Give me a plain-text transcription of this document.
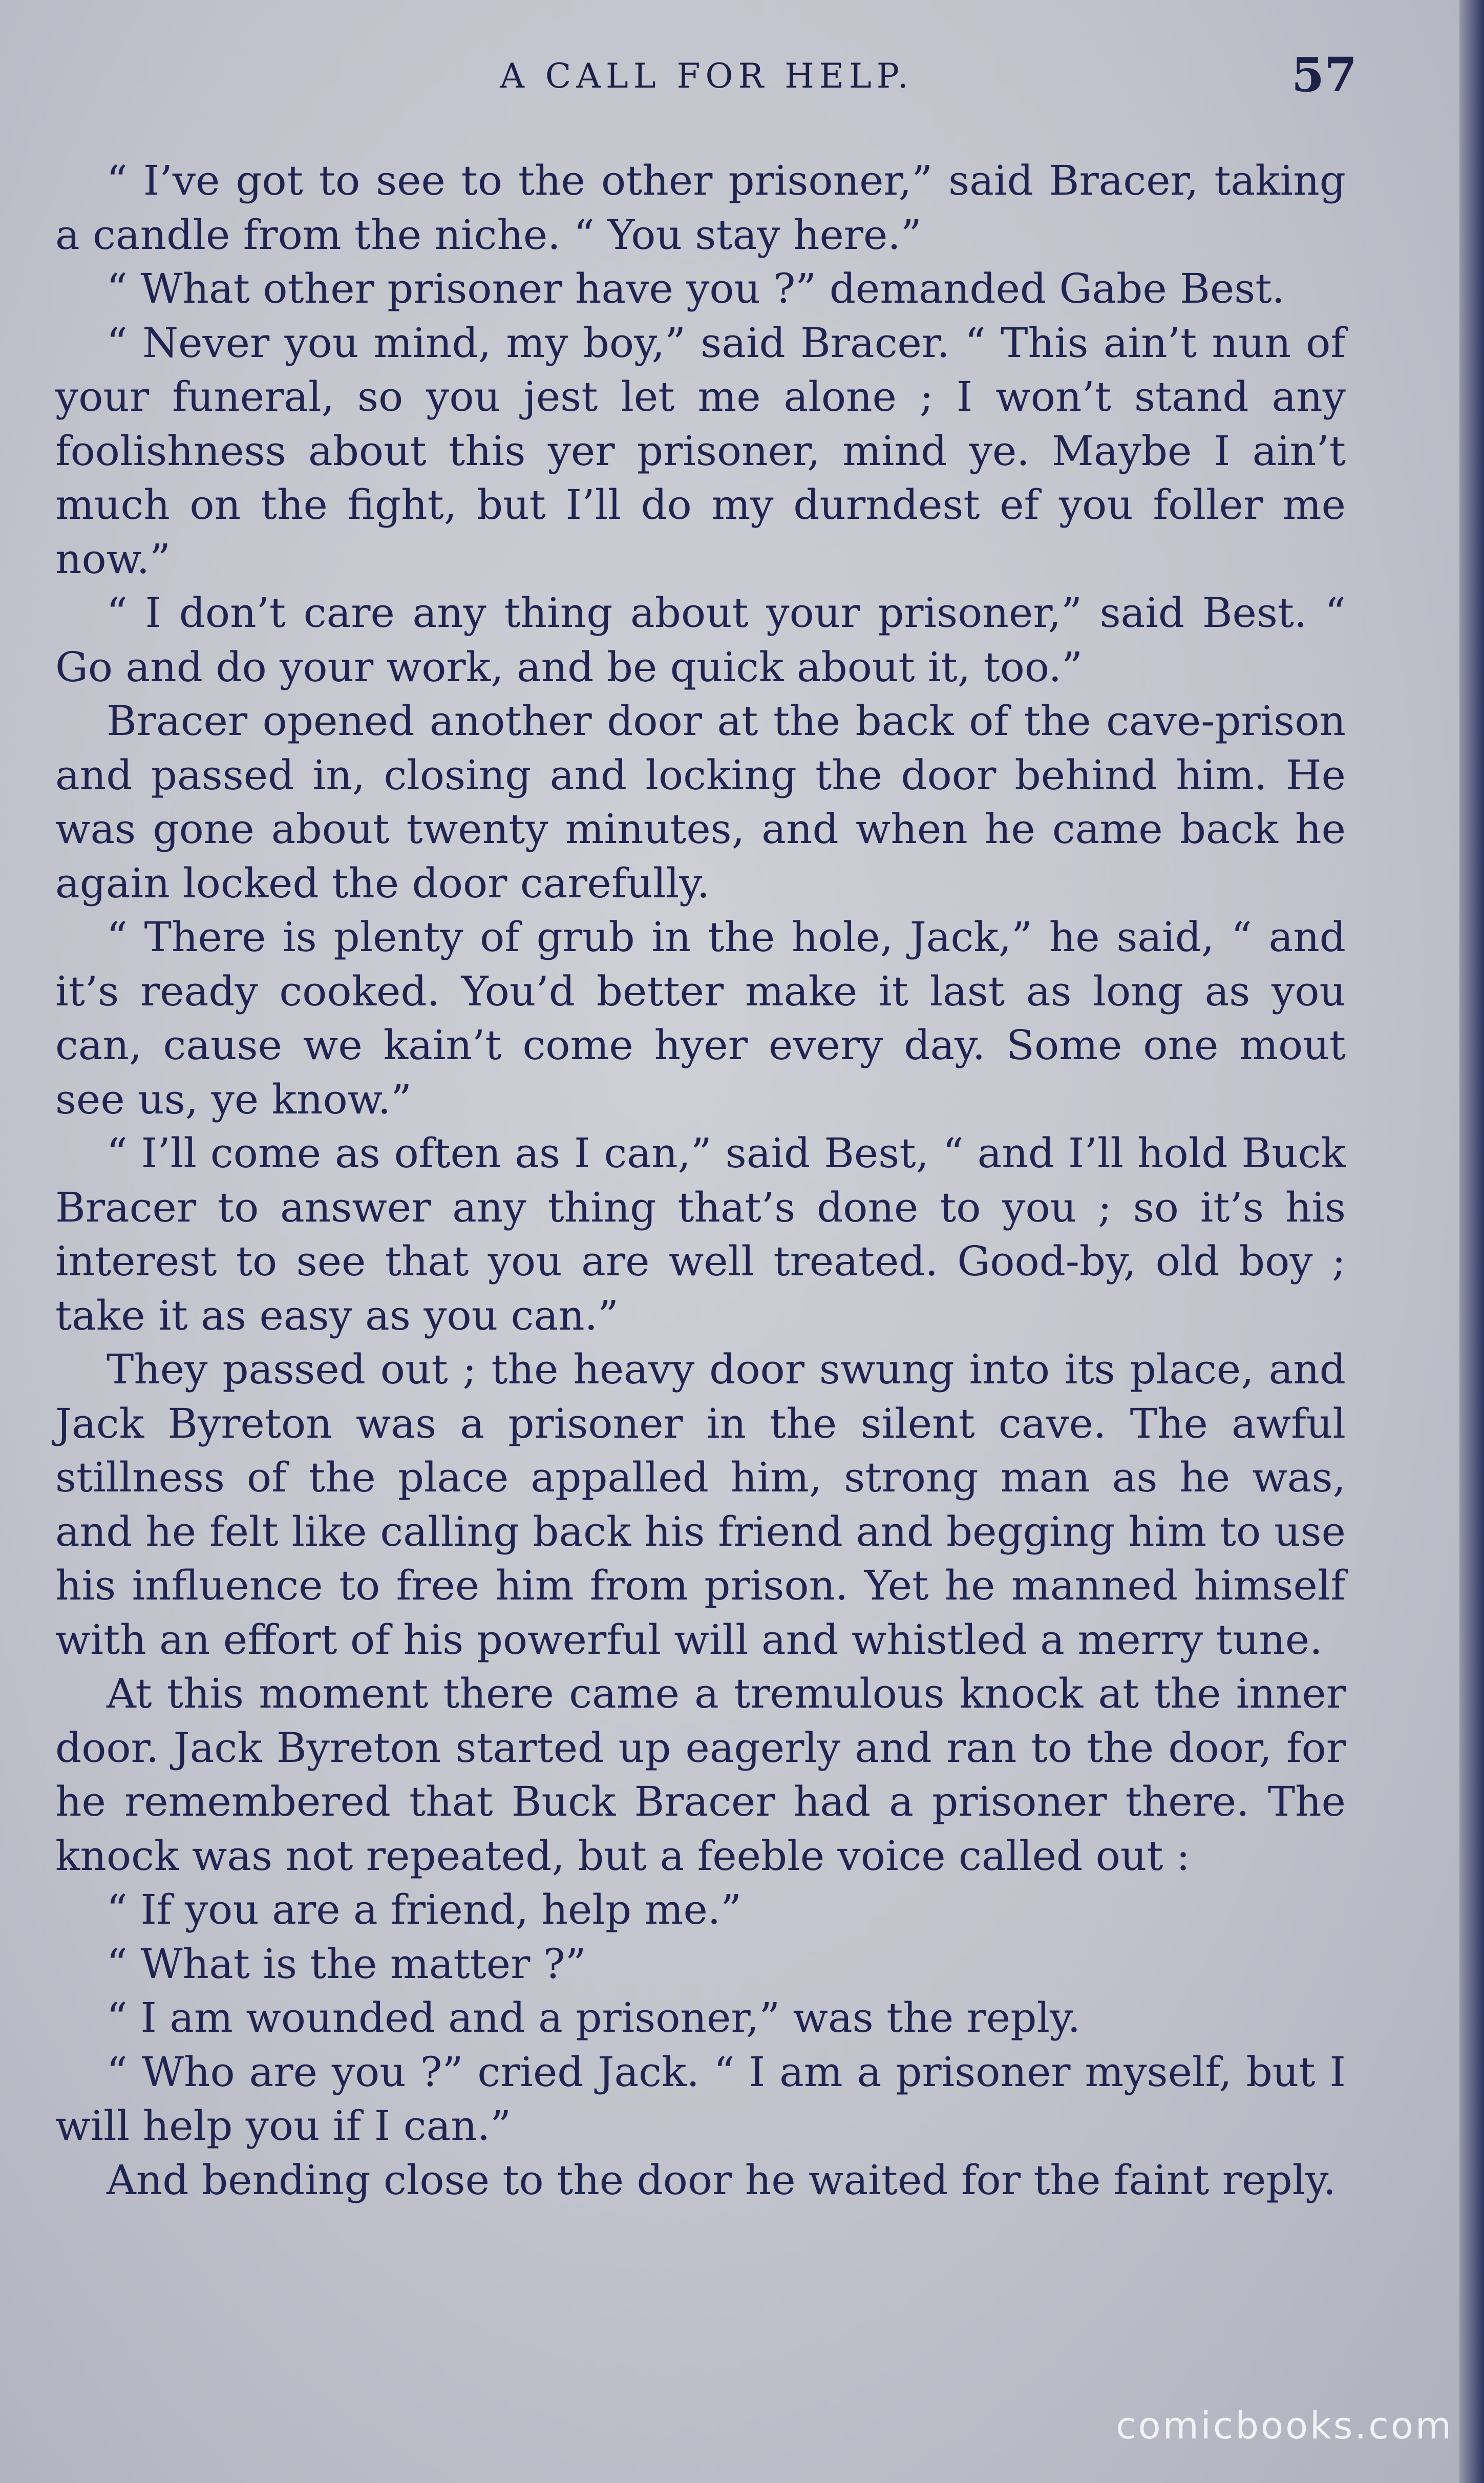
A CALL FOR HELP.	57

“ I’ve got to see to the other prisoner,” said Bracer, taking a candle from the niche. “ You stay here.”

“ What other prisoner have you ?” demanded Gabe Best.

“ Never you mind, my boy,” said Bracer. “ This ain’t nun of your funeral, so you jest let me alone ; I won’t stand any foolishness about this yer prisoner, mind ye. Maybe I ain’t much on the fight, but I’ll do my durndest ef you foller me now.”

“ I don’t care any thing about your prisoner,” said Best. “ Go and do your work, and be quick about it, too.”

Bracer opened another door at the back of the cave-prison and passed in, closing and locking the door behind him. He was gone about twenty minutes, and when he came back he again locked the door carefully.

“ There is plenty of grub in the hole, Jack,” he said, “ and it’s ready cooked. You’d better make it last as long as you can, cause we kain’t come hyer every day. Some one mout see us, ye know.”

“ I’ll come as often as I can,” said Best, “ and I’ll hold Buck Bracer to answer any thing that’s done to you ; so it’s his interest to see that you are well treated. Good-by, old boy ; take it as easy as you can.”

They passed out ; the heavy door swung into its place, and Jack Byreton was a prisoner in the silent cave. The awful stillness of the place appalled him, strong man as he was, and he felt like calling back his friend and begging him to use his influence to free him from prison. Yet he manned himself with an effort of his powerful will and whistled a merry tune.

At this moment there came a tremulous knock at the inner door. Jack Byreton started up eagerly and ran to the door, for he remembered that Buck Bracer had a prisoner there. The knock was not repeated, but a feeble voice called out :

“ If you are a friend, help me.”

“ What is the matter ?”

“ I am wounded and a prisoner,” was the reply.

“ Who are you ?” cried Jack. “ I am a prisoner myself, but I will help you if I can.”

And bending close to the door he waited for the faint reply.

comicbooks.com
